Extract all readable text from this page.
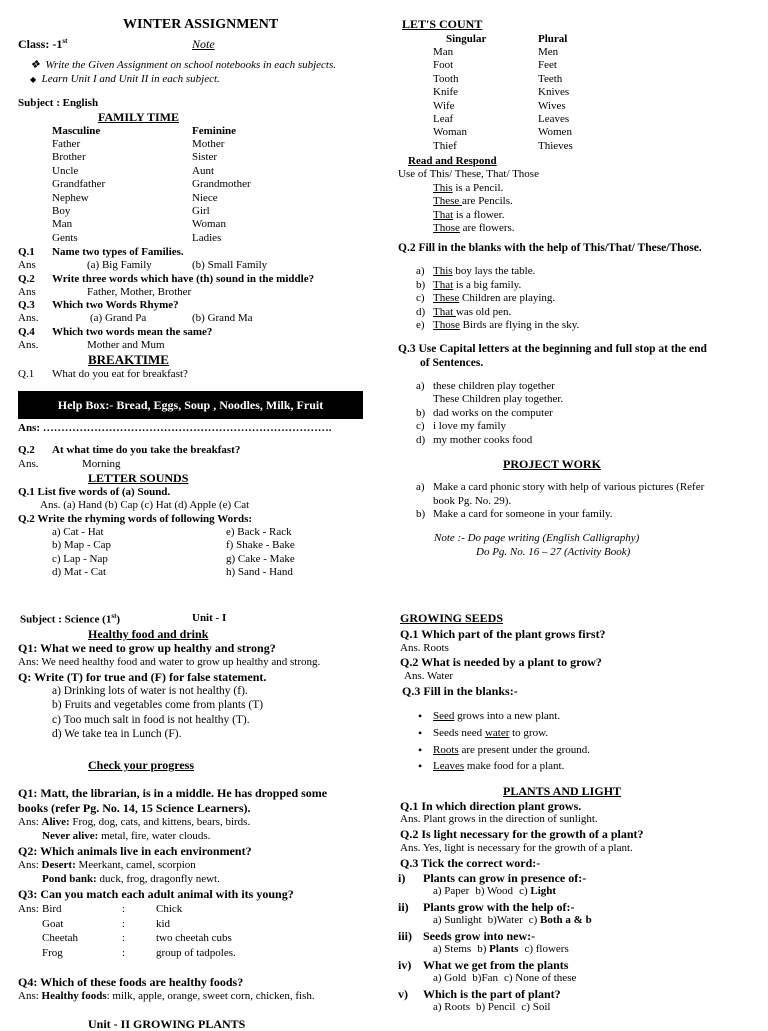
WINTER ASSIGNMENT
Class: -1st	Note
❖ Write the Given Assignment on school notebooks in each subjects.
◆ Learn Unit I and Unit II in each subject.
Subject : English
FAMILY TIME
Masculine	Feminine
Father	Mother
Brother	Sister
Uncle	Aunt
Grandfather	Grandmother
Nephew	Niece
Boy	Girl
Man	Woman
Gents	Ladies
Q.1 Name two types of Families.
Ans	(a) Big Family	(b) Small Family
Q.2 Write three words which have (th) sound in the middle?
Ans	Father, Mother, Brother
Q.3 Which two Words Rhyme?
Ans.	(a) Grand Pa	(b) Grand Ma
Q.4 Which two words mean the same?
Ans.	Mother and Mum
BREAKTIME
Q.1 What do you eat for breakfast?
Help Box:- Bread, Eggs, Soup , Noodles, Milk, Fruit
Ans: …………………………………………………………………….
Q.2 At what time do you take the breakfast?
Ans.	Morning
LETTER SOUNDS
Q.1 List five words of (a) Sound.
Ans. (a) Hand (b) Cap (c) Hat (d) Apple (e) Cat
Q.2 Write the rhyming words of following Words:
a) Cat - Hat	e) Back - Rack
b) Map - Cap	f) Shake - Bake
c) Lap - Nap	g) Cake - Make
d) Mat - Cat	h) Sand - Hand
LET'S COUNT
Singular	Plural
Man	Men
Foot	Feet
Tooth	Teeth
Knife	Knives
Wife	Wives
Leaf	Leaves
Woman	Women
Thief	Thieves
Read and Respond
Use of This/ These, That/ Those
This is a Pencil.
These are Pencils.
That is a flower.
Those are flowers.
Q.2 Fill in the blanks with the help of This/That/ These/Those.
a) This boy lays the table.
b) That is a big family.
c) These Children are playing.
d) That was old pen.
e) Those Birds are flying in the sky.
Q.3 Use Capital letters at the beginning and full stop at the end
of Sentences.
a) these children play together
These Children play together.
b) dad works on the computer
c) i love my family
d) my mother cooks food
PROJECT WORK
a) Make a card phonic story with help of various pictures (Refer
book Pg. No. 29).
b) Make a card for someone in your family.
Note :- Do page writing (English Calligraphy)
Do Pg. No. 16 – 27 (Activity Book)
Subject : Science (1st)	Unit - I
Healthy food and drink
Q1: What we need to grow up healthy and strong?
Ans: We need healthy food and water to grow up healthy and strong.
Q: Write (T) for true and (F) for false statement.
a) Drinking lots of water is not healthy (f).
b) Fruits and vegetables come from plants (T)
c) Too much salt in food is not healthy (T).
d) We take tea in Lunch (F).
Check your progress
Q1: Matt, the librarian, is in a middle. He has dropped some
books (refer Pg. No. 14, 15 Science Learners).
Ans: Alive: Frog, dog, cats, and kittens, bears, birds.
Never alive: metal, fire, water clouds.
Q2: Which animals live in each environment?
Ans: Desert: Meerkant, camel, scorpion
Pond bank: duck, frog, dragonfly newt.
Q3: Can you match each adult animal with its young?
Ans: Bird	:	Chick
Goat	:	kid
Cheetah	:	two cheetah cubs
Frog	:	group of tadpoles.
Q4: Which of these foods are healthy foods?
Ans: Healthy foods: milk, apple, orange, sweet corn, chicken, fish.
Unit - II GROWING PLANTS
GROWING SEEDS
Q.1 Which part of the plant grows first?
Ans. Roots
Q.2 What is needed by a plant to grow?
Ans. Water
Q.3 Fill in the blanks:-
• Seed grows into a new plant.
• Seeds need water to grow.
• Roots are present under the ground.
• Leaves make food for a plant.
PLANTS AND LIGHT
Q.1 In which direction plant grows.
Ans. Plant grows in the direction of sunlight.
Q.2 Is light necessary for the growth of a plant?
Ans. Yes, light is necessary for the growth of a plant.
Q.3 Tick the correct word:-
i) Plants can grow in presence of:-
a) Paper b) Wood c) Light
ii) Plants grow with the help of:-
a) Sunlight b)Water c) Both a & b
iii) Seeds grow into new:-
a) Stems b) Plants c) flowers
iv) What we get from the plants
a) Gold b)Fan c) None of these
v) Which is the part of plant?
a) Roots b) Pencil c) Soil
